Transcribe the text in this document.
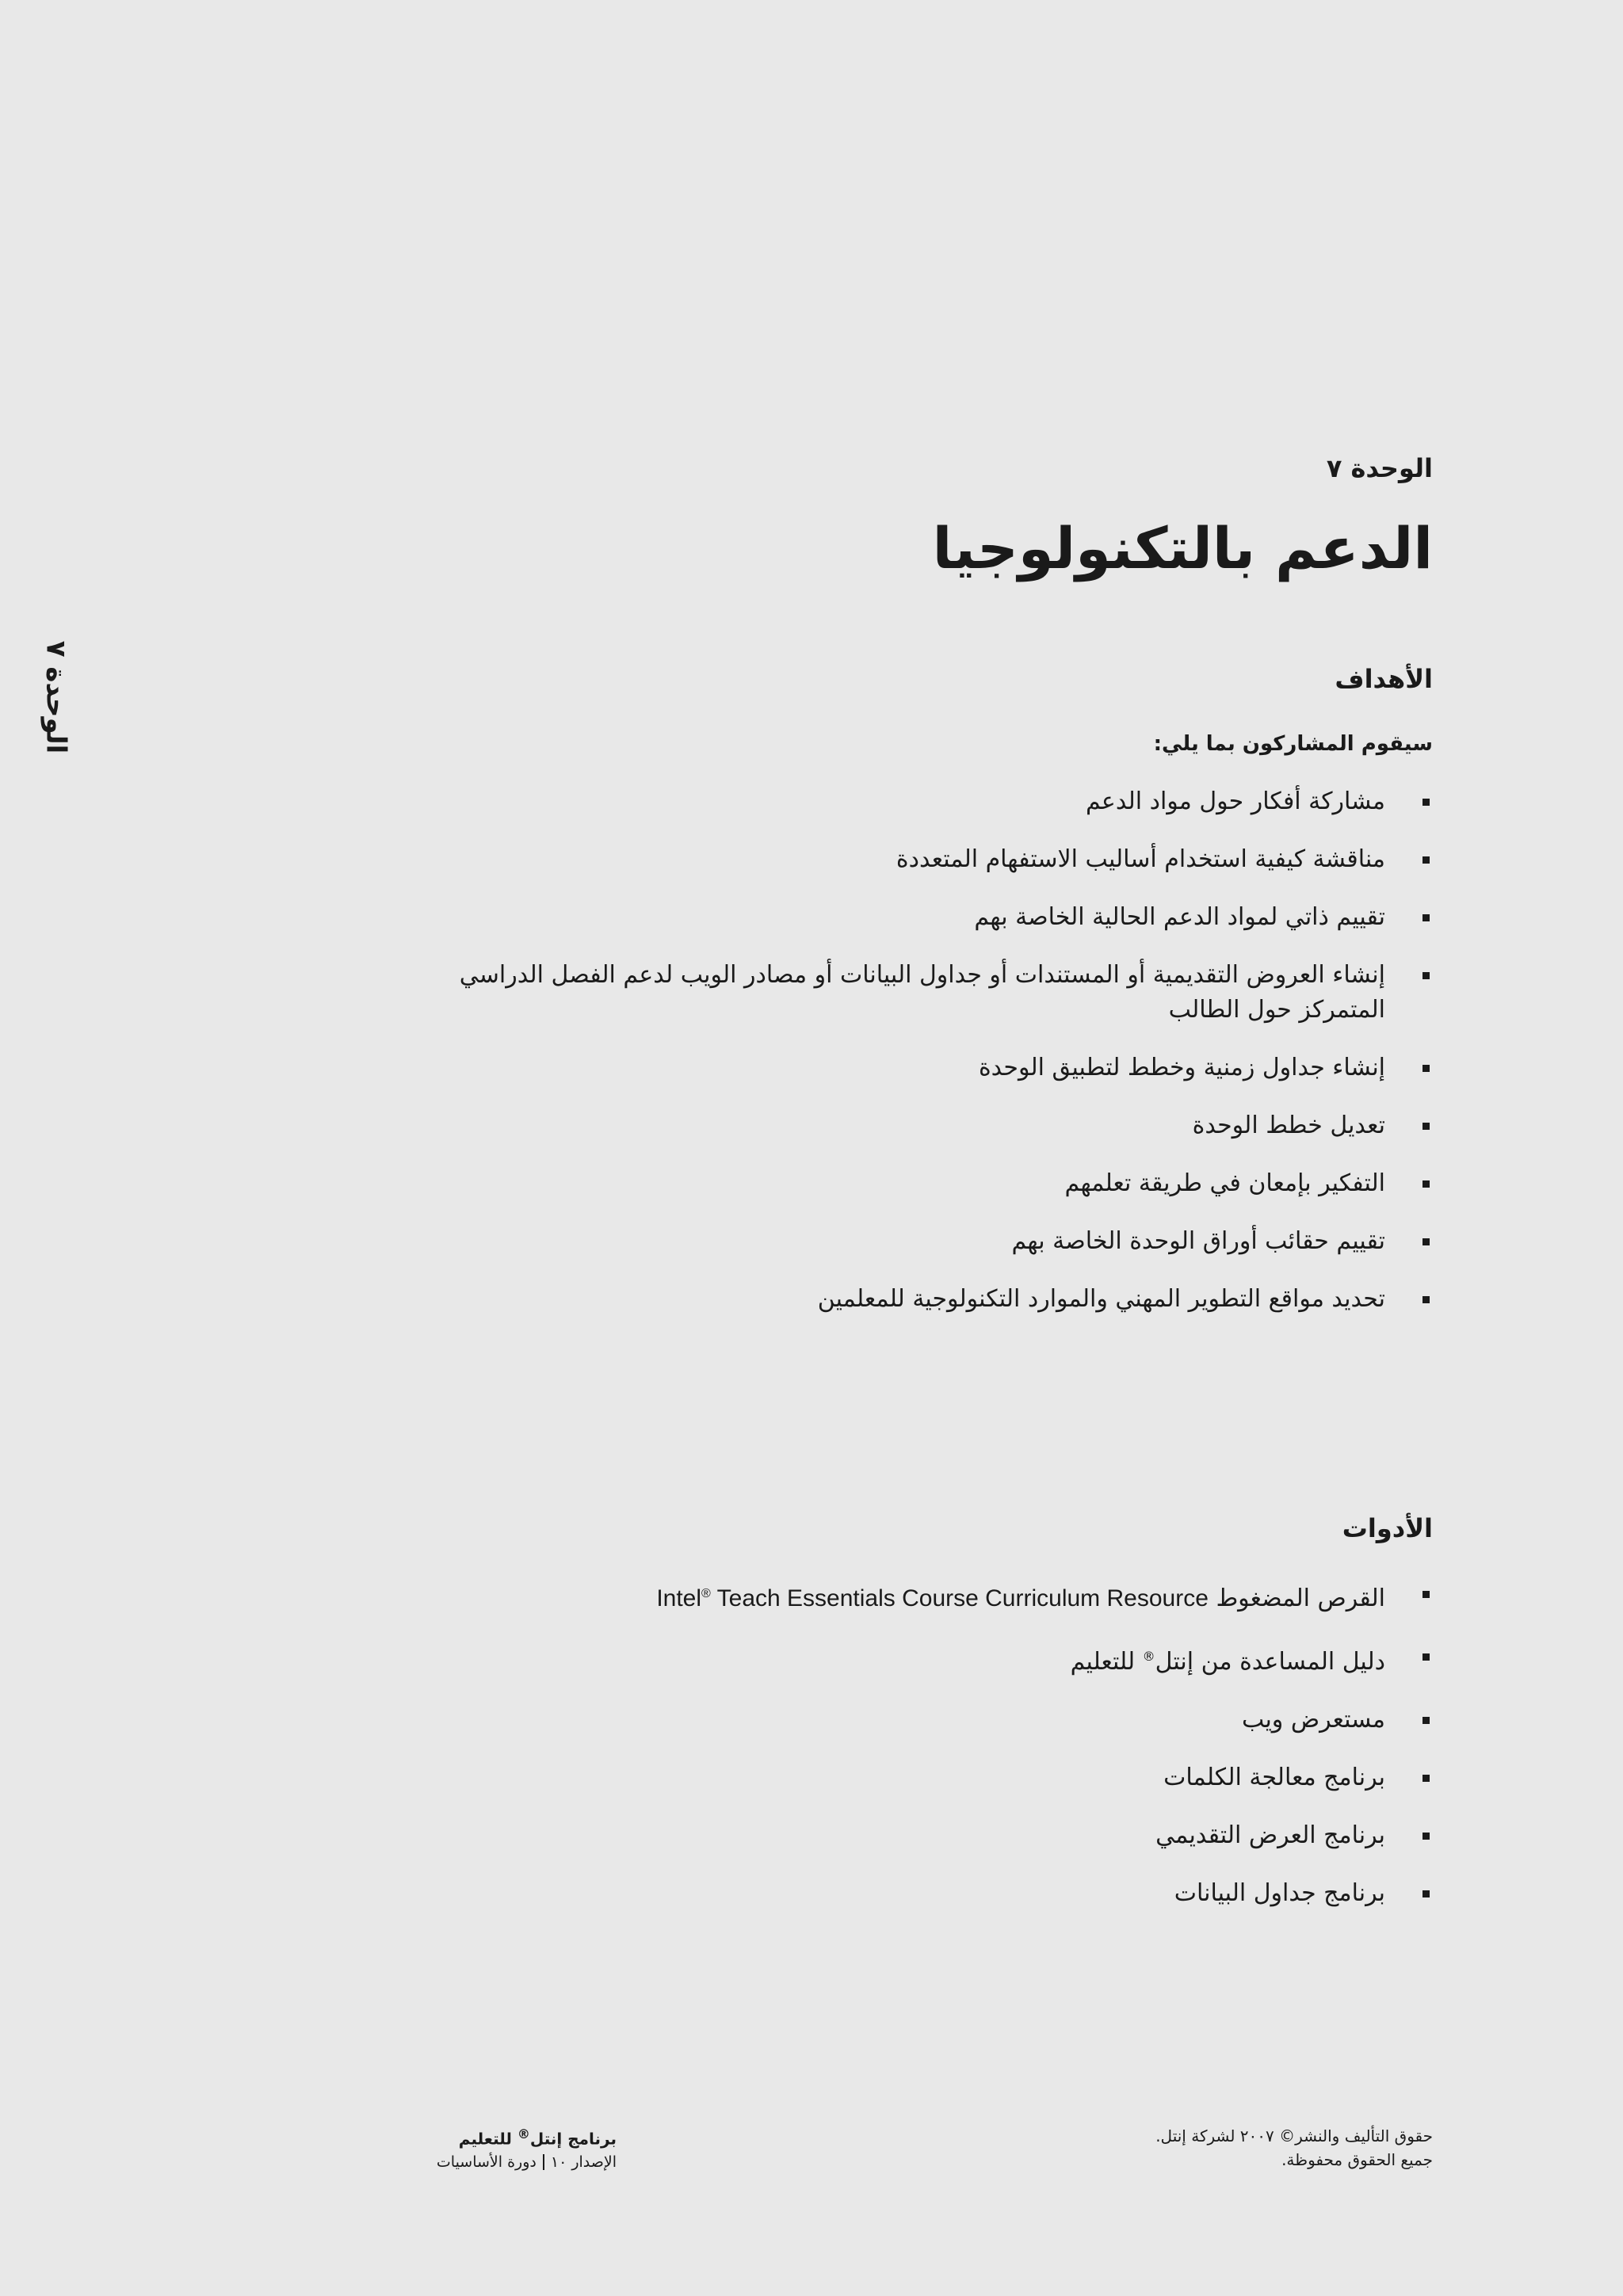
الوحدة ٧

الوحدة ٧

الدعم بالتكنولوجيا
الأهداف

سيقوم المشاركون بما يلي:

مشاركة أفكار حول مواد الدعم
مناقشة كيفية استخدام أساليب الاستفهام المتعددة
تقييم ذاتي لمواد الدعم الحالية الخاصة بهم
إنشاء العروض التقديمية أو المستندات أو جداول البيانات أو مصادر الويب لدعم الفصل الدراسي المتمركز حول الطالب
إنشاء جداول زمنية وخطط لتطبيق الوحدة
تعديل خطط الوحدة
التفكير بإمعان في طريقة تعلمهم
تقييم حقائب أوراق الوحدة الخاصة بهم
تحديد مواقع التطوير المهني والموارد التكنولوجية للمعلمين
الأدوات
القرص المضغوط Intel® Teach Essentials Course Curriculum Resource
دليل المساعدة من إنتل® للتعليم
مستعرض ويب
برنامج معالجة الكلمات
برنامج العرض التقديمي
برنامج جداول البيانات

برنامج إنتل® للتعليم

الإصدار ١٠دورة الأساسيات

حقوق التأليف والنشر© ٢٠٠٧ لشركة إنتل.

جميع الحقوق محفوظة.
